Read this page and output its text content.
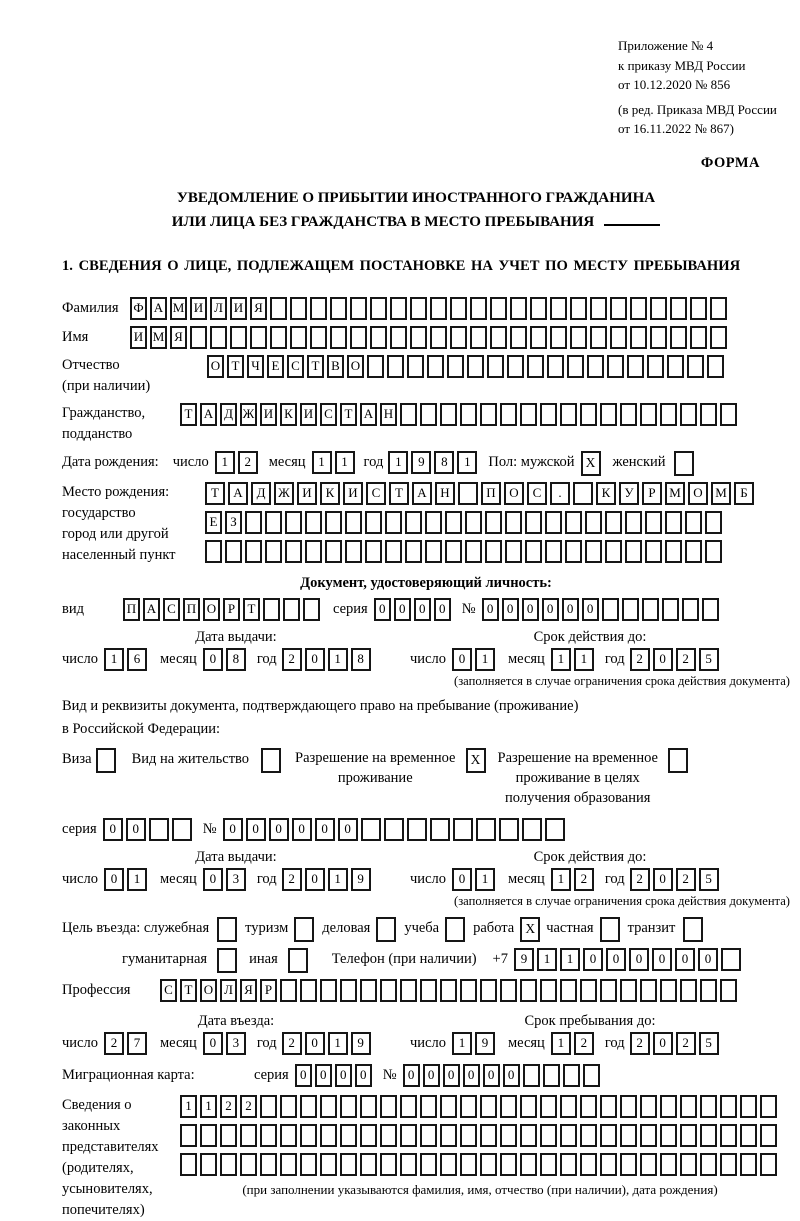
Приложение № 4
к приказу МВД России
от 10.12.2020 № 856
(в ред. Приказа МВД России
от 16.11.2022 № 867)
ФОРМА
УВЕДОМЛЕНИЕ О ПРИБЫТИИ ИНОСТРАННОГО ГРАЖДАНИНА
ИЛИ ЛИЦА БЕЗ ГРАЖДАНСТВА В МЕСТО ПРЕБЫВАНИЯ
1. СВЕДЕНИЯ О ЛИЦЕ, ПОДЛЕЖАЩЕМ ПОСТАНОВКЕ НА УЧЕТ ПО МЕСТУ ПРЕБЫВАНИЯ
Фамилия	Ф А М И Л И Я
Имя	И М Я
Отчество
(при наличии)
О Т Ч Е С Т В О
Гражданство,
подданство
Т А Д Ж И К И С Т А Н
Дата рождения: число 1	2	месяц 1	1	год 1	9	8	1	Пол: мужской X	женский
Место рождения:
государство
город или другой
населенный пункт
Т	А	Д Ж И	К	И	С	Т	А	Н	П	О	С	.	К	У	Р	М О М	Б
Е З
Документ, удостоверяющий личность:
вид	П А С П О Р Т	серия 0	0	0	0	№ 0	0	0	0	0	0
Дата выдачи:
число 1	6	месяц 0	8	год 2	0	1	8
Срок действия до:
число 0	1	месяц 1	1	год 2	0	2	5
(заполняется в случае ограничения срока действия документа)
Вид и реквизиты документа, подтверждающего право на пребывание (проживание)
в Российской Федерации:
Виза	Вид на жительство	Разрешение на временное
проживание
X	Разрешение на временное
проживание в целях
получения образования
серия 0	0	№ 0	0	0	0	0	0
Дата выдачи:
число 0	1	месяц 0	3	год 2	0	1	9
Срок действия до:
число 0	1	месяц 1	2	год 2	0	2	5
(заполняется в случае ограничения срока действия документа)
Цель въезда: служебная туризм деловая учеба работа X частная транзит
гуманитарная	иная	Телефон (при наличии) +7 9	1	1	0	0	0	0	0	0
Профессия	С Т О Л Я Р
Дата въезда:
число 2	7	месяц 0	3	год 2	0	1	9
Срок пребывания до:
число 1	9	месяц 1	2	год 2	0	2	5
Миграционная карта:	серия 0	0	0	0	№ 0	0	0	0	0	0
Сведения о
законных
представителях
(родителях,
усыновителях,
попечителях)
1	1	2	2
(при заполнении указываются фамилия, имя, отчество (при наличии), дата рождения)
